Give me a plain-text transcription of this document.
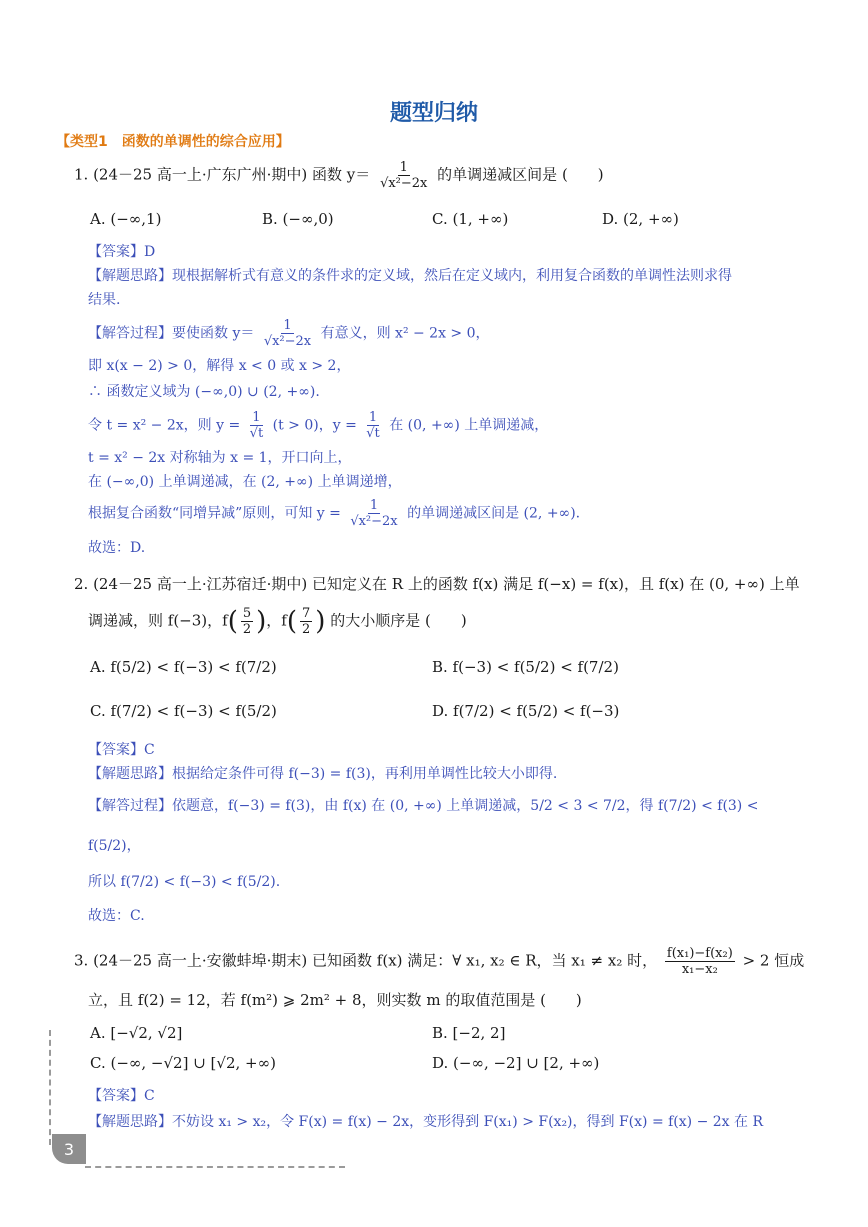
题型归纳
【类型1　函数的单调性的综合应用】
1. (24－25 高一上·广东广州·期中) 函数 $y= \frac{1}{\text{√x²−2x}}$ 的单调递减区间是 (　　)
A. (−∞,1)	B. (−∞,0)	C. (1, +∞)	D. (2, +∞)
【答案】D
【解题思路】现根据解析式有意义的条件求的定义域，然后在定义域内，利用复合函数的单调性法则求得
结果.
【解答过程】要使函数 $y= \frac{1}{\text{√x²−2x}}$ 有意义，则 x² − 2x > 0，
即 x(x − 2) > 0，解得 x < 0 或 x > 2，
∴ 函数定义域为 (−∞,0) ∪ (2, +∞).
令 t = x² − 2x，则 $y = \frac{1}{√t} (t > 0)$，$y = \frac{1}{√t}$ 在 (0, +∞) 上单调递减，
t = x² − 2x 对称轴为 x = 1，开口向上，
在 (−∞,0) 上单调递减，在 (2, +∞) 上单调递增，
根据复合函数“同增异减”原则，可知 $y = \frac{1}{\text{√x²−2x}}$ 的单调递减区间是 (2, +∞).
故选：D.
2. (24－25 高一上·江苏宿迁·期中) 已知定义在 R 上的函数 f(x) 满足 f(−x) = f(x)，且 f(x) 在 (0, +∞) 上单
调递减，则 f(−3)，$f( \frac{5}{2}$ )，$f( \frac{7}{2}$ ) 的大小顺序是 (　　)
A. f(5/2) < f(−3) < f(7/2)	B. f(−3) < f(5/2) < f(7/2)
C. f(7/2) < f(−3) < f(5/2)	D. f(7/2) < f(5/2) < f(−3)
【答案】C
【解题思路】根据给定条件可得 f(−3) = f(3)，再利用单调性比较大小即得.
【解答过程】依题意，f(−3) = f(3)，由 f(x) 在 (0, +∞) 上单调递减，5/2 < 3 < 7/2，得 f(7/2) < f(3) <
f(5/2)，
所以 f(7/2) < f(−3) < f(5/2).
故选：C.
3. (24－25 高一上·安徽蚌埠·期末) 已知函数 f(x) 满足：∀ x₁, x₂ ∈ R，当 x₁ ≠ x₂ 时， $\frac{\text{f(x₁)−f(x₂)}}{\text{x₁−x₂}} > 2$ 恒成
立，且 f(2) = 12，若 f(m²) ⩾ 2m² + 8，则实数 m 的取值范围是 (　　)
A. [−√2, √2]	B. [−2, 2]
C. (−∞, −√2] ∪ [√2, +∞)	D. (−∞, −2] ∪ [2, +∞)
【答案】C
【解题思路】不妨设 x₁ > x₂，令 F(x) = f(x) − 2x，变形得到 F(x₁) > F(x₂)，得到 F(x) = f(x) − 2x 在 R
3
